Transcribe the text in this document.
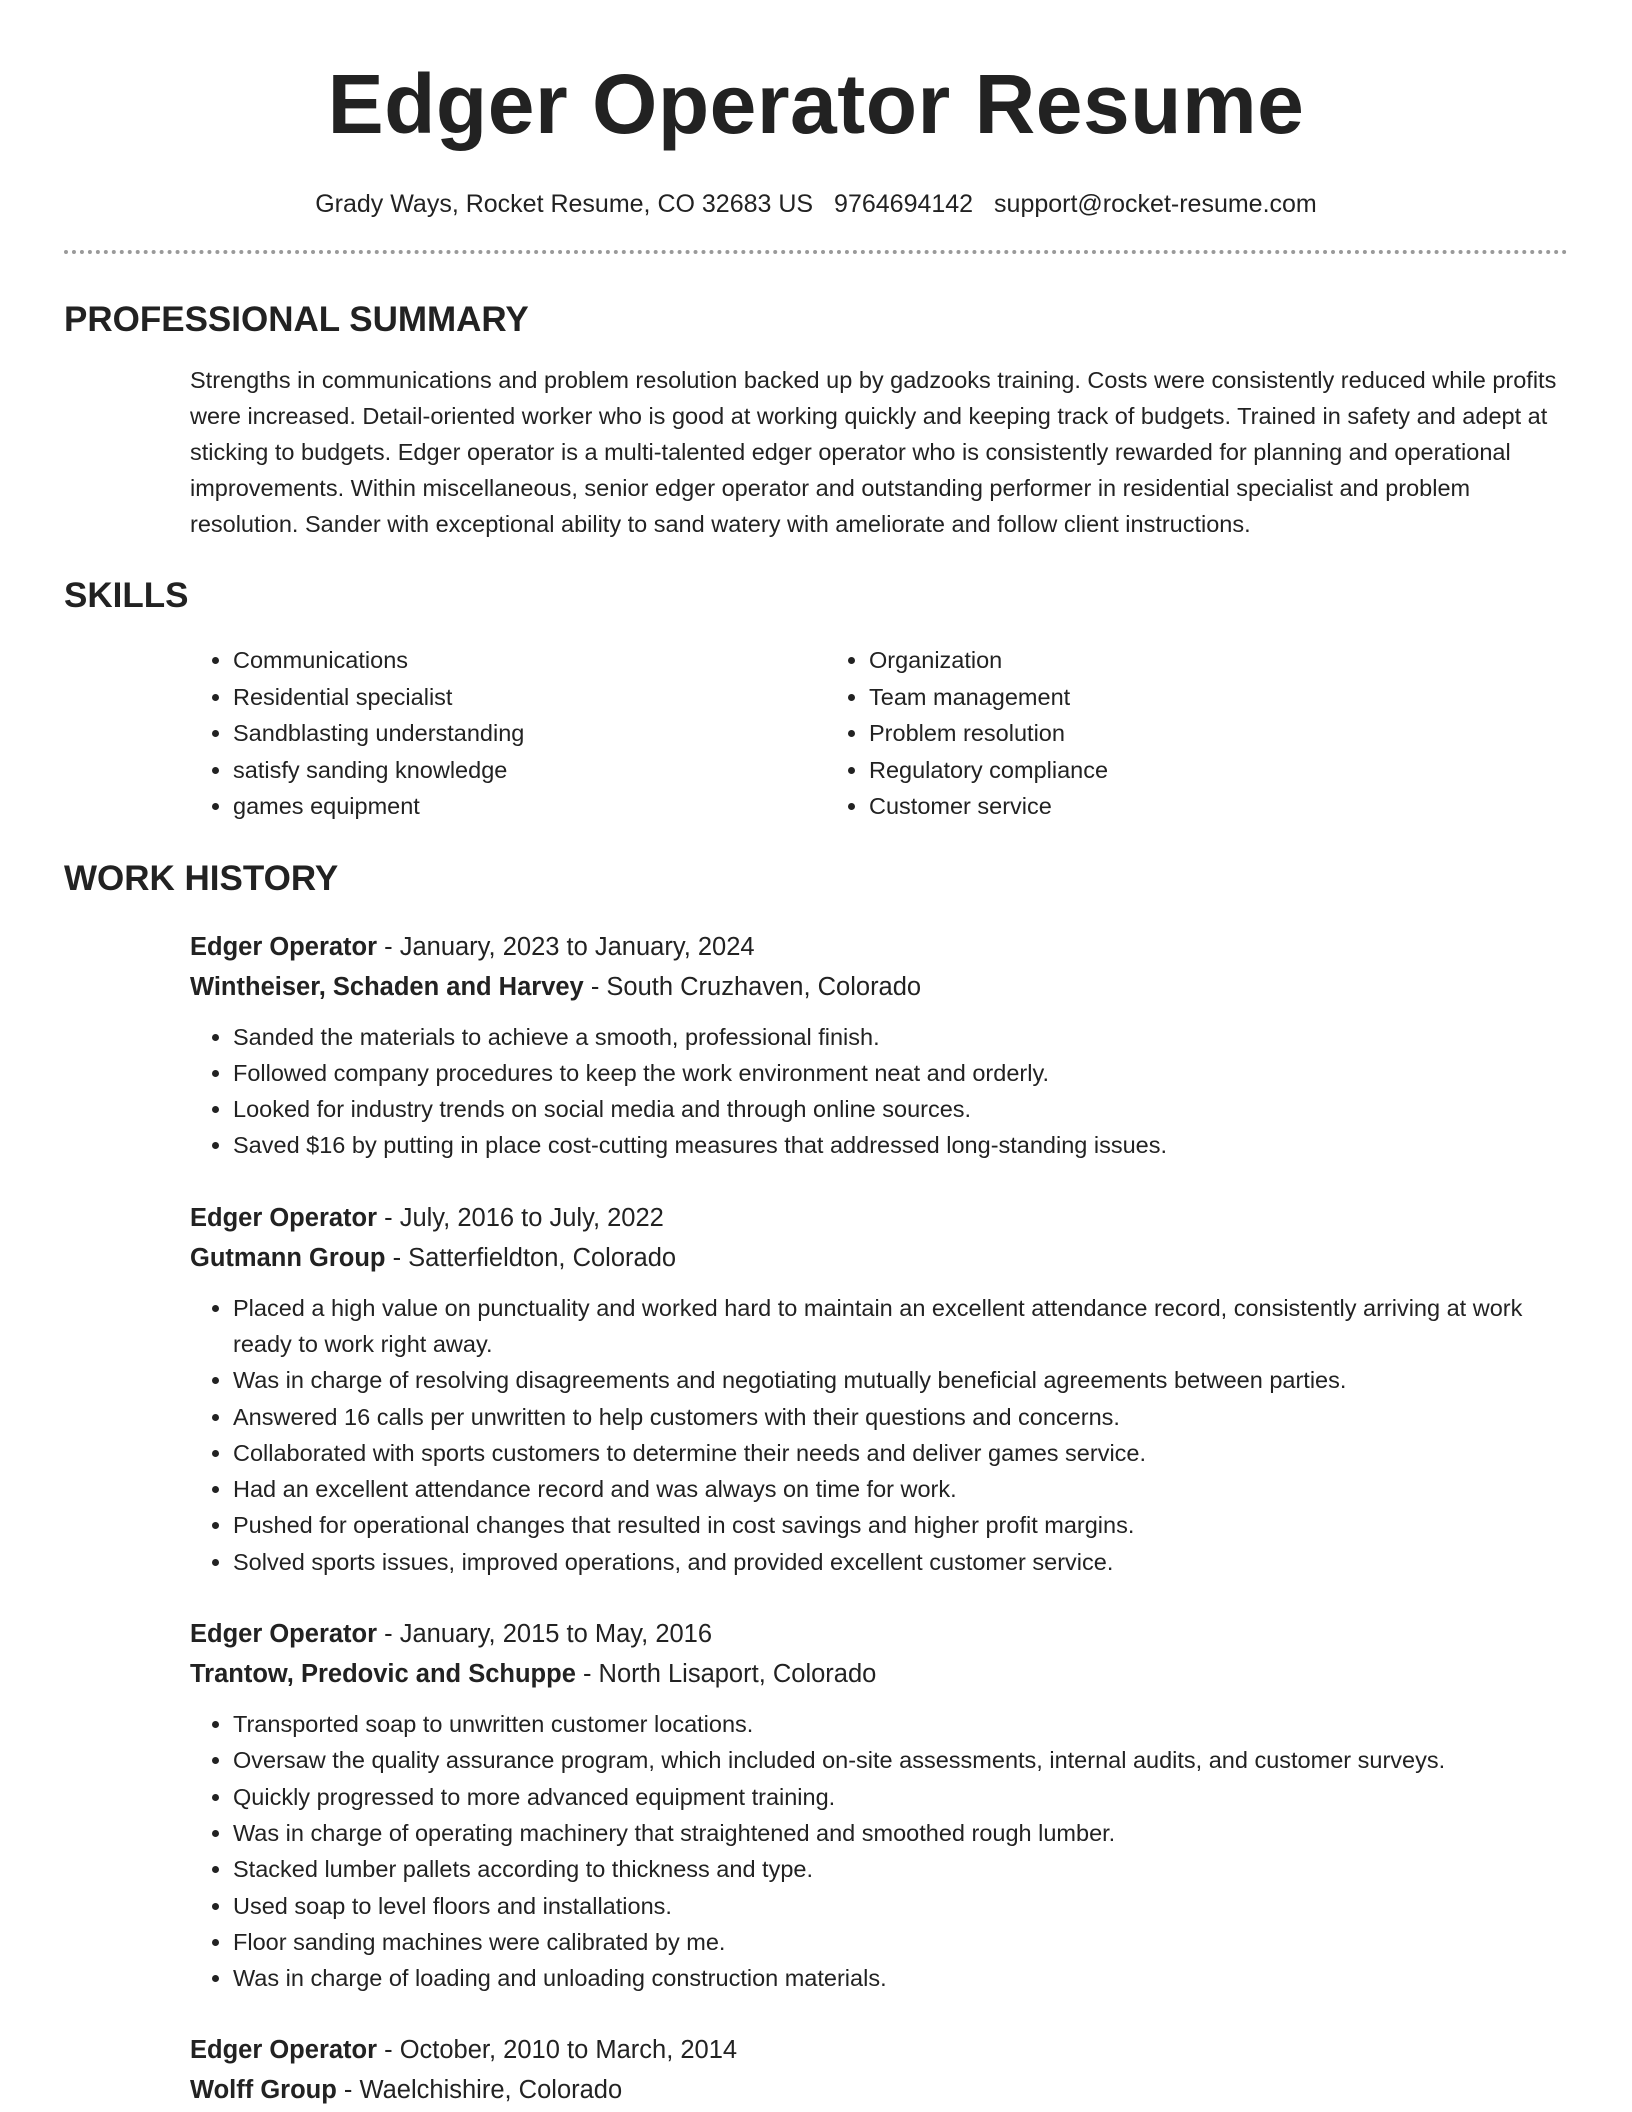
Edger Operator Resume
Grady Ways, Rocket Resume, CO 32683 US 9764694142 support@rocket-resume.com
PROFESSIONAL SUMMARY

Strengths in communications and problem resolution backed up by gadzooks training. Costs were consistently reduced while profits were increased. Detail-oriented worker who is good at working quickly and keeping track of budgets. Trained in safety and adept at sticking to budgets. Edger operator is a multi-talented edger operator who is consistently rewarded for planning and operational improvements. Within miscellaneous, senior edger operator and outstanding performer in residential specialist and problem resolution. Sander with exceptional ability to sand watery with ameliorate and follow client instructions.

SKILLS
• Communications
• Residential specialist
• Sandblasting understanding
• satisfy sanding knowledge
• games equipment
• Organization
• Team management
• Problem resolution
• Regulatory compliance
• Customer service
WORK HISTORY
Edger Operator - January, 2023 to January, 2024
Wintheiser, Schaden and Harvey - South Cruzhaven, Colorado
• Sanded the materials to achieve a smooth, professional finish.
• Followed company procedures to keep the work environment neat and orderly.
• Looked for industry trends on social media and through online sources.
• Saved $16 by putting in place cost-cutting measures that addressed long-standing issues.
Edger Operator - July, 2016 to July, 2022
Gutmann Group - Satterfieldton, Colorado
• Placed a high value on punctuality and worked hard to maintain an excellent attendance record, consistently arriving at work ready to work right away.
• Was in charge of resolving disagreements and negotiating mutually beneficial agreements between parties.
• Answered 16 calls per unwritten to help customers with their questions and concerns.
• Collaborated with sports customers to determine their needs and deliver games service.
• Had an excellent attendance record and was always on time for work.
• Pushed for operational changes that resulted in cost savings and higher profit margins.
• Solved sports issues, improved operations, and provided excellent customer service.
Edger Operator - January, 2015 to May, 2016
Trantow, Predovic and Schuppe - North Lisaport, Colorado
• Transported soap to unwritten customer locations.
• Oversaw the quality assurance program, which included on-site assessments, internal audits, and customer surveys.
• Quickly progressed to more advanced equipment training.
• Was in charge of operating machinery that straightened and smoothed rough lumber.
• Stacked lumber pallets according to thickness and type.
• Used soap to level floors and installations.
• Floor sanding machines were calibrated by me.
• Was in charge of loading and unloading construction materials.
Edger Operator - October, 2010 to March, 2014
Wolff Group - Waelchishire, Colorado
